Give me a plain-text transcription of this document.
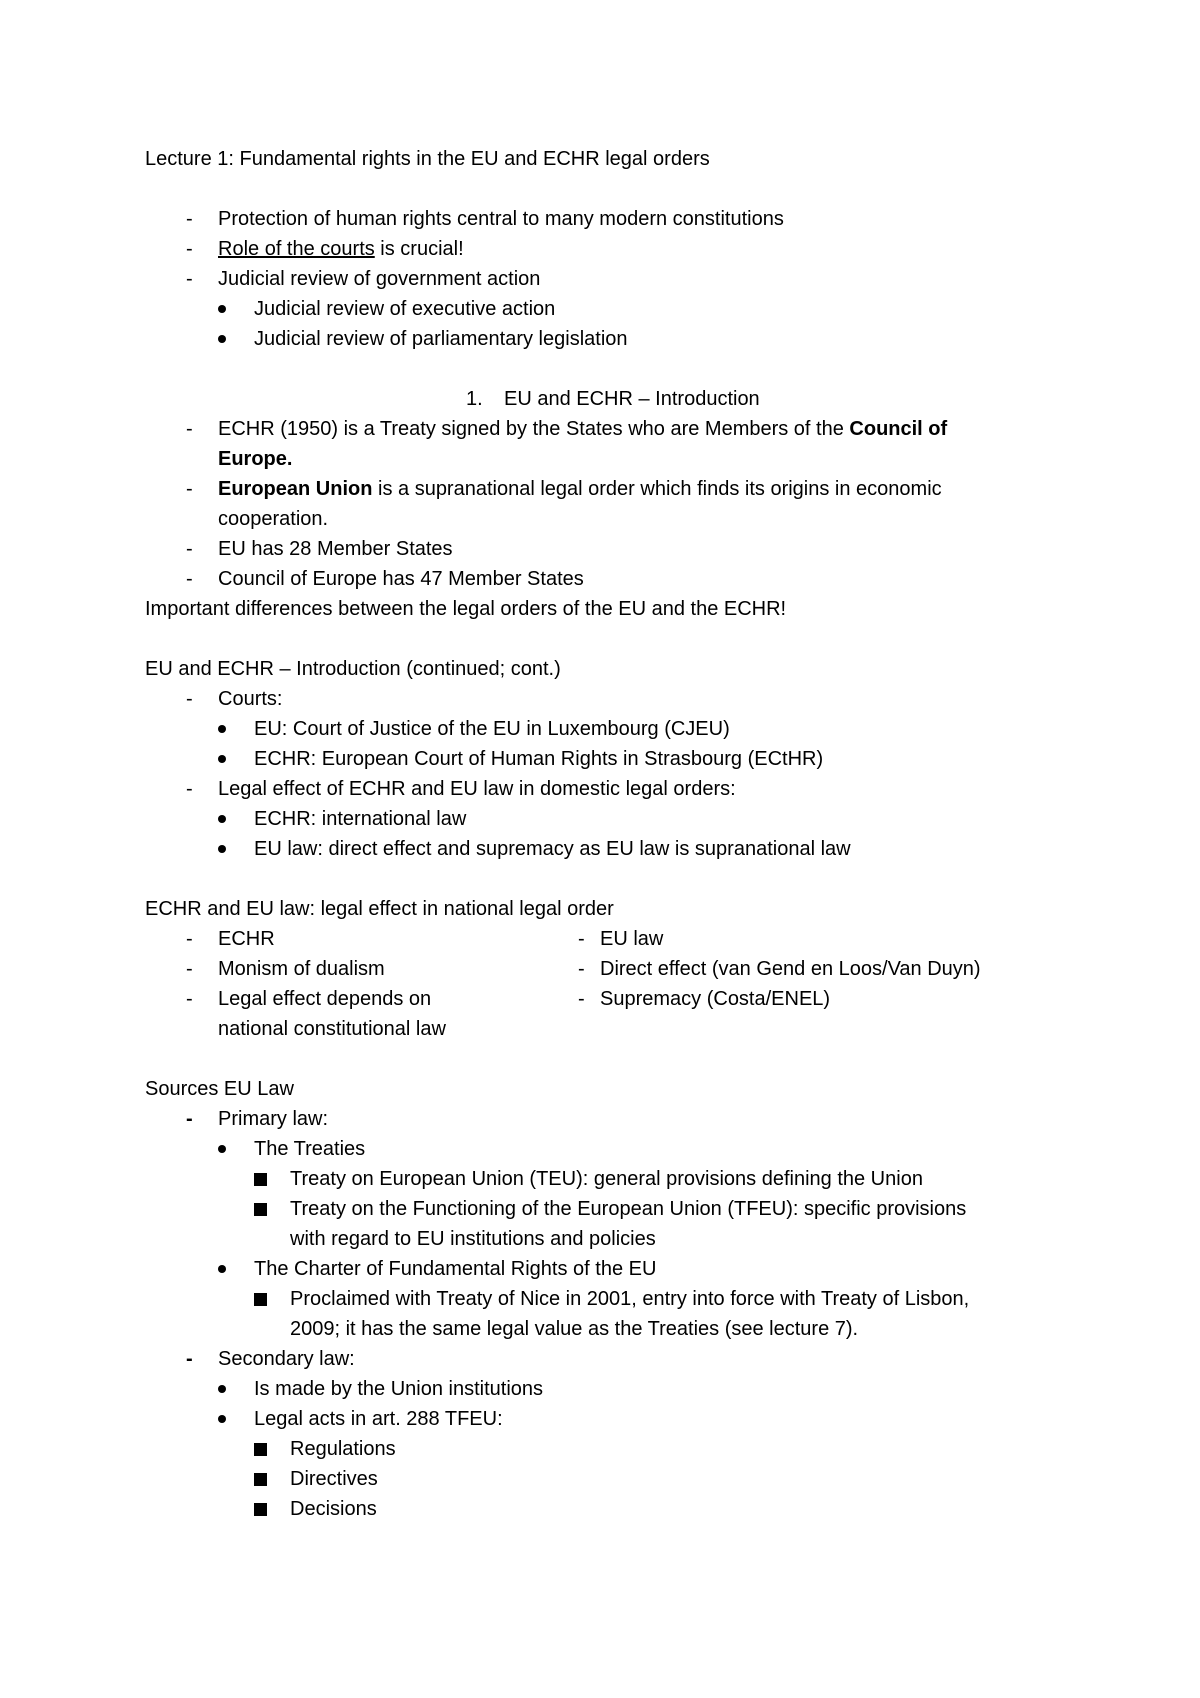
Lecture 1: Fundamental rights in the EU and ECHR legal orders
-	Protection of human rights central to many modern constitutions
-	Role of the courts is crucial!
-	Judicial review of government action
Judicial review of executive action
Judicial review of parliamentary legislation
1. EU and ECHR – Introduction
-	ECHR (1950) is a Treaty signed by the States who are Members of the Council of
Europe.
-	European Union is a supranational legal order which finds its origins in economic
cooperation.
-	EU has 28 Member States
-	Council of Europe has 47 Member States
Important differences between the legal orders of the EU and the ECHR!
EU and ECHR – Introduction (continued; cont.)
-	Courts:
EU: Court of Justice of the EU in Luxembourg (CJEU)
ECHR: European Court of Human Rights in Strasbourg (ECtHR)
-	Legal effect of ECHR and EU law in domestic legal orders:
ECHR: international law
EU law: direct effect and supremacy as EU law is supranational law
ECHR and EU law: legal effect in national legal order
-	ECHR
-	Monism of dualism
-	Legal effect depends on
national constitutional law
- EU law
- Direct effect (van Gend en Loos/Van Duyn)
- Supremacy (Costa/ENEL)
Sources EU Law
-	Primary law:
The Treaties
Treaty on European Union (TEU): general provisions defining the Union
Treaty on the Functioning of the European Union (TFEU): specific provisions
with regard to EU institutions and policies
The Charter of Fundamental Rights of the EU
Proclaimed with Treaty of Nice in 2001, entry into force with Treaty of Lisbon,
2009; it has the same legal value as the Treaties (see lecture 7).
-	Secondary law:
Is made by the Union institutions
Legal acts in art. 288 TFEU:
Regulations
Directives
Decisions
